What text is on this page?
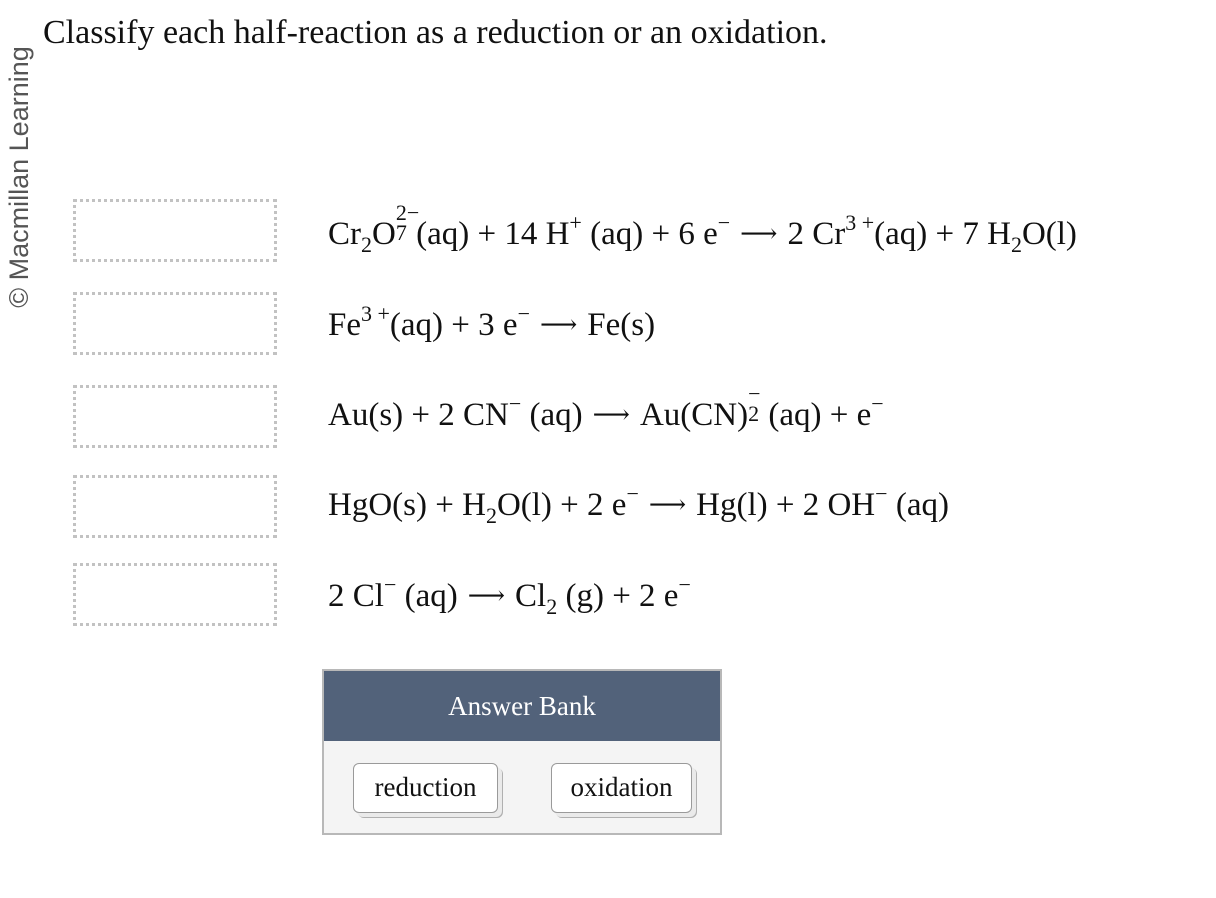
© Macmillan Learning
Classify each half-reaction as a reduction or an oxidation.
$Cr_2O$
2−
7 (aq) + 14 H+ (aq) + 6 e− ⟶ 2 $Cr^{3 +}(aq) + 7$ $H_2O(l)$
$Fe^{3 +}(aq) + 3$ e− ⟶ Fe(s)
Au(s) + 2 CN− (aq) ⟶ Au(CN)
−
2 (aq) + e−
$HgO(s) + H_2O(l) + 2$ e− ⟶ Hg(l) + 2 OH− (aq)
2 Cl− (aq) ⟶ $Cl_2$ (g) + 2 e−
Answer Bank
reduction	oxidation
